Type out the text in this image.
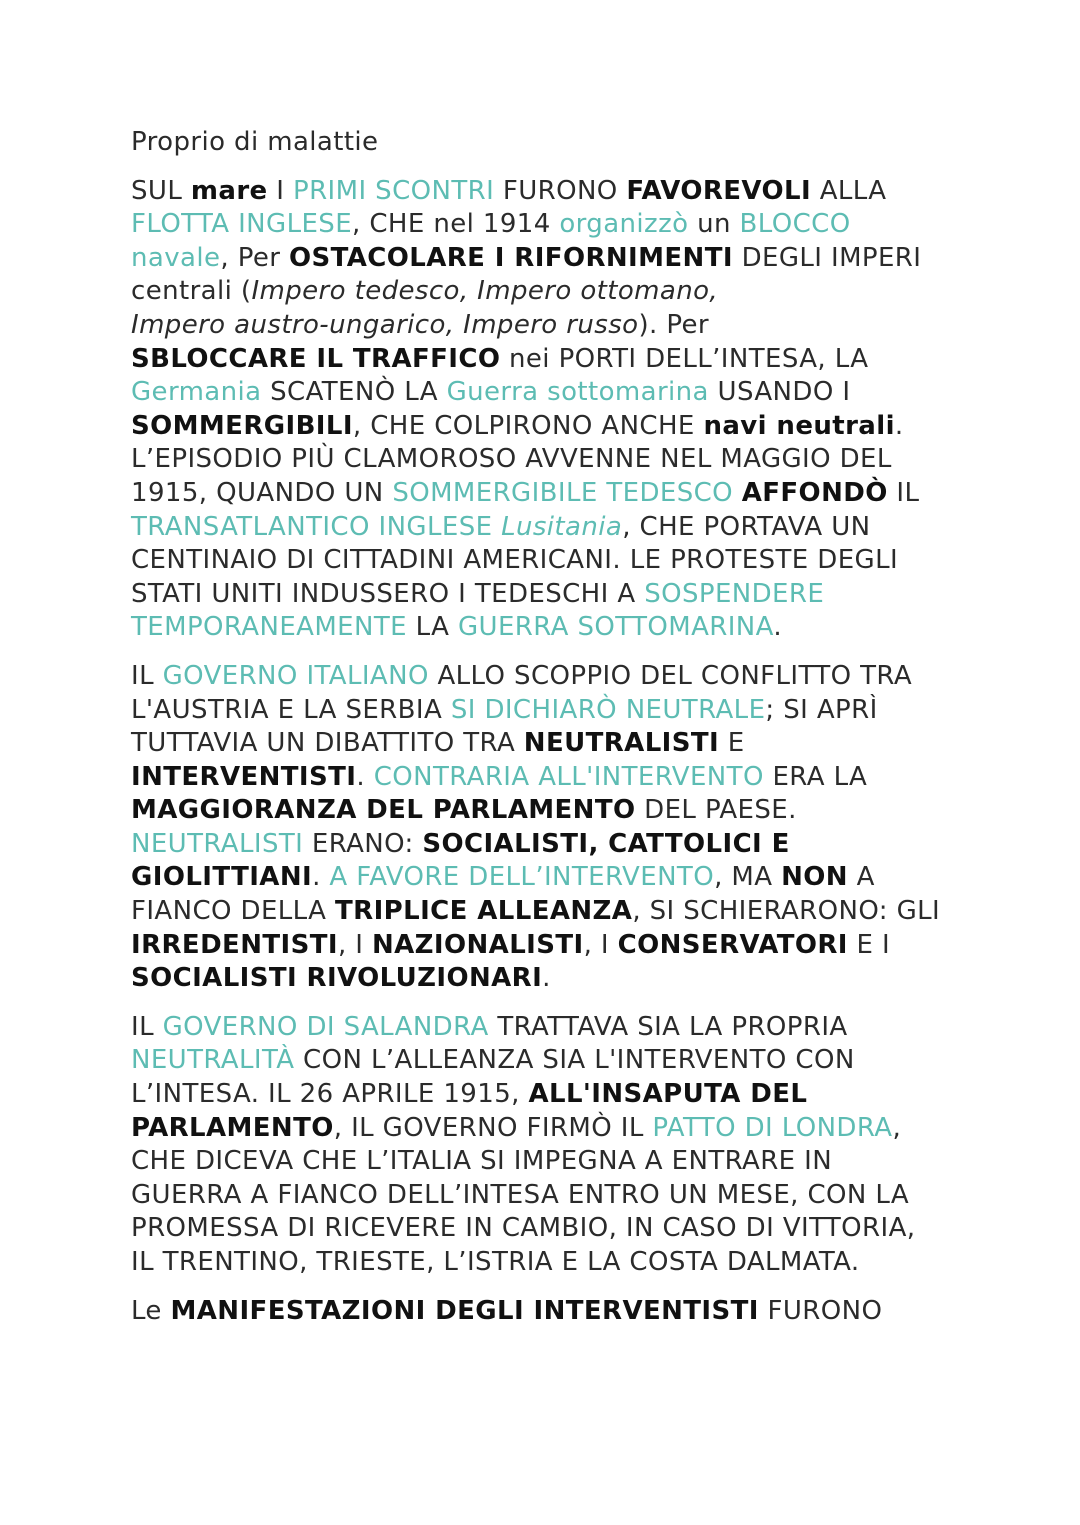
Proprio di malattie
SUL mare I PRIMI SCONTRI FURONO FAVOREVOLI ALLA
FLOTTA INGLESE, CHE nel 1914 organizzò un BLOCCO
navale, Per OSTACOLARE I RIFORNIMENTI DEGLI IMPERI
centrali (Impero tedesco, Impero ottomano,
Impero austro-ungarico, Impero russo). Per
SBLOCCARE IL TRAFFICO nei PORTI DELL’INTESA, LA
Germania SCATENÒ LA Guerra sottomarina USANDO I
SOMMERGIBILI, CHE COLPIRONO ANCHE navi neutrali.
L’EPISODIO PIÙ CLAMOROSO AVVENNE NEL MAGGIO DEL
1915, QUANDO UN SOMMERGIBILE TEDESCO AFFONDÒ IL
TRANSATLANTICO INGLESE Lusitania, CHE PORTAVA UN
CENTINAIO DI CITTADINI AMERICANI. LE PROTESTE DEGLI
STATI UNITI INDUSSERO I TEDESCHI A SOSPENDERE
TEMPORANEAMENTE LA GUERRA SOTTOMARINA.
IL GOVERNO ITALIANO ALLO SCOPPIO DEL CONFLITTO TRA
L'AUSTRIA E LA SERBIA SI DICHIARÒ NEUTRALE; SI APRÌ
TUTTAVIA UN DIBATTITO TRA NEUTRALISTI E
INTERVENTISTI. CONTRARIA ALL'INTERVENTO ERA LA
MAGGIORANZA DEL PARLAMENTO DEL PAESE.
NEUTRALISTI ERANO: SOCIALISTI, CATTOLICI E
GIOLITTIANI. A FAVORE DELL’INTERVENTO, MA NON A
FIANCO DELLA TRIPLICE ALLEANZA, SI SCHIERARONO: GLI
IRREDENTISTI, I NAZIONALISTI, I CONSERVATORI E I
SOCIALISTI RIVOLUZIONARI.
IL GOVERNO DI SALANDRA TRATTAVA SIA LA PROPRIA
NEUTRALITÀ CON L’ALLEANZA SIA L'INTERVENTO CON
L’INTESA. IL 26 APRILE 1915, ALL'INSAPUTA DEL
PARLAMENTO, IL GOVERNO FIRMÒ IL PATTO DI LONDRA,
CHE DICEVA CHE L’ITALIA SI IMPEGNA A ENTRARE IN
GUERRA A FIANCO DELL’INTESA ENTRO UN MESE, CON LA
PROMESSA DI RICEVERE IN CAMBIO, IN CASO DI VITTORIA,
IL TRENTINO, TRIESTE, L’ISTRIA E LA COSTA DALMATA.
Le MANIFESTAZIONI DEGLI INTERVENTISTI FURONO
